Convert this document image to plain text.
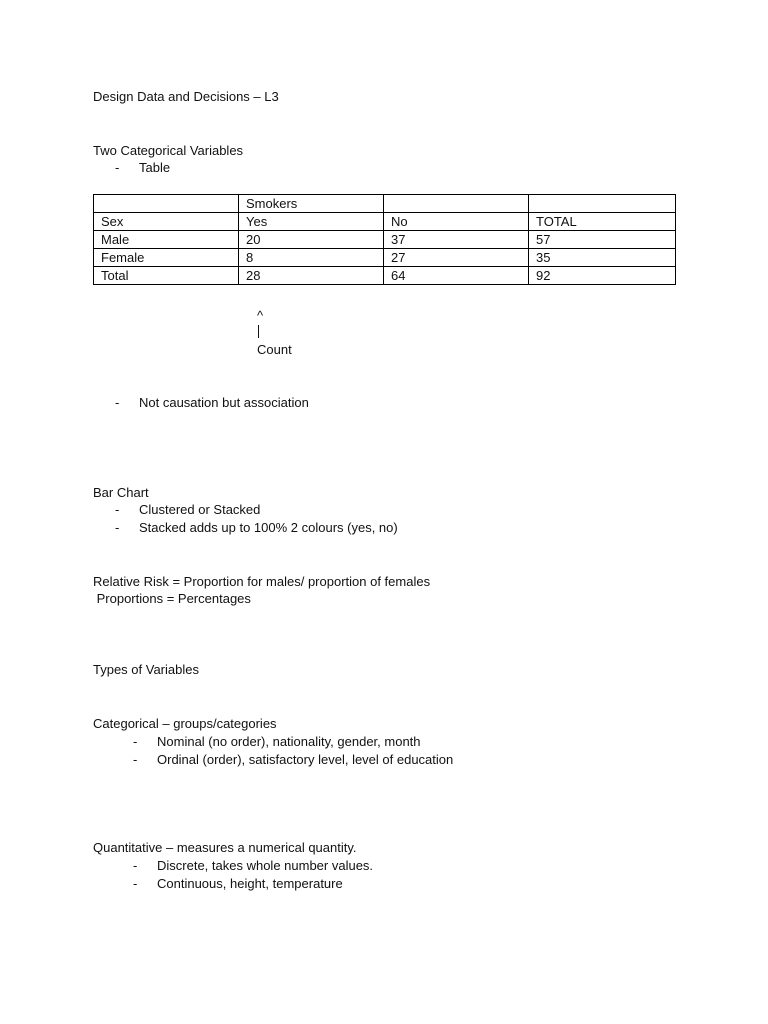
Design Data and Decisions – L3
Two Categorical Variables
- Table
	Smokers		
Sex	Yes	No	TOTAL
Male	20	37	57
Female	8	27	35
Total	28	64	92
^
Count
- Not causation but association
Bar Chart
- Clustered or Stacked
- Stacked adds up to 100% 2 colours (yes, no)
Relative Risk = Proportion for males/ proportion of females
Proportions = Percentages
Types of Variables
Categorical – groups/categories
- Nominal (no order), nationality, gender, month
- Ordinal (order), satisfactory level, level of education
Quantitative – measures a numerical quantity.
- Discrete, takes whole number values.
- Continuous, height, temperature
